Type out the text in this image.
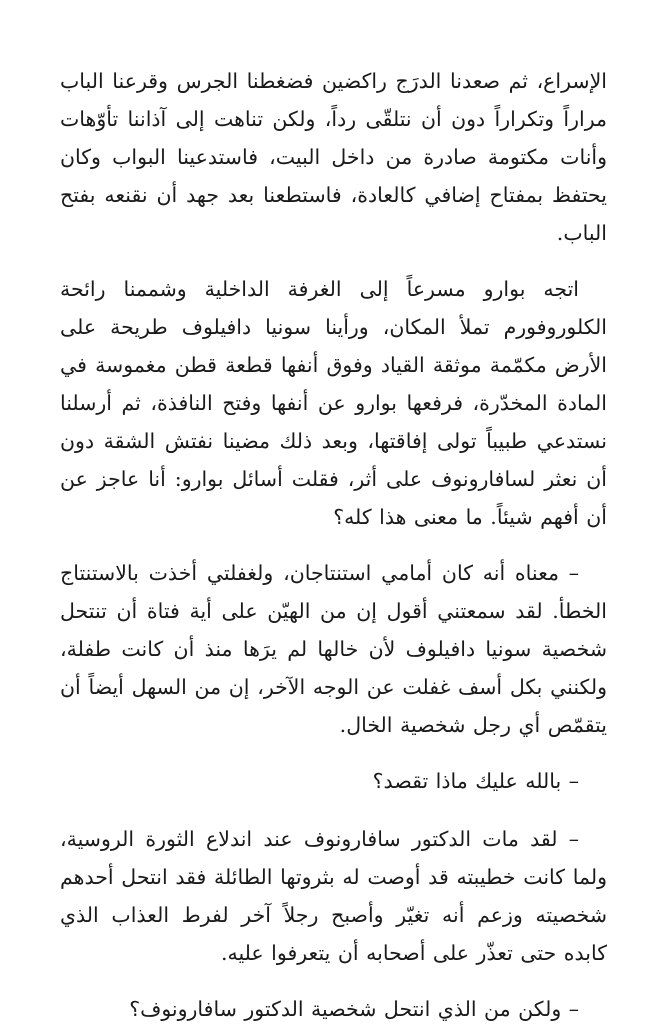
الإسراع، ثم صعدنا الدرَج راكضين فضغطنا الجرس وقرعنا الباب مراراً وتكراراً دون أن نتلقّى رداً، ولكن تناهت إلى آذاننا تأوّهات وأنات مكتومة صادرة من داخل البيت، فاستدعينا البواب وكان يحتفظ بمفتاح إضافي كالعادة، فاستطعنا بعد جهد أن نقنعه بفتح الباب.

اتجه بوارو مسرعاً إلى الغرفة الداخلية وشممنا رائحة الكلوروفورم تملأ المكان، ورأينا سونيا دافيلوف طريحة على الأرض مكمّمة موثقة القياد وفوق أنفها قطعة قطن مغموسة في المادة المخدّرة، فرفعها بوارو عن أنفها وفتح النافذة، ثم أرسلنا نستدعي طبيباً تولى إفاقتها، وبعد ذلك مضينا نفتش الشقة دون أن نعثر لسافارونوف على أثر، فقلت أسائل بوارو: أنا عاجز عن أن أفهم شيئاً. ما معنى هذا كله؟

– معناه أنه كان أمامي استنتاجان، ولغفلتي أخذت بالاستنتاج الخطأ. لقد سمعتني أقول إن من الهيّن على أية فتاة أن تنتحل شخصية سونيا دافيلوف لأن خالها لم يرَها منذ أن كانت طفلة، ولكنني بكل أسف غفلت عن الوجه الآخر، إن من السهل أيضاً أن يتقمّص أي رجل شخصية الخال.

– بالله عليك ماذا تقصد؟

– لقد مات الدكتور سافارونوف عند اندلاع الثورة الروسية، ولما كانت خطيبته قد أوصت له بثروتها الطائلة فقد انتحل أحدهم شخصيته وزعم أنه تغيّر وأصبح رجلاً آخر لفرط العذاب الذي كابده حتى تعذّر على أصحابه أن يتعرفوا عليه.

– ولكن من الذي انتحل شخصية الدكتور سافارونوف؟
